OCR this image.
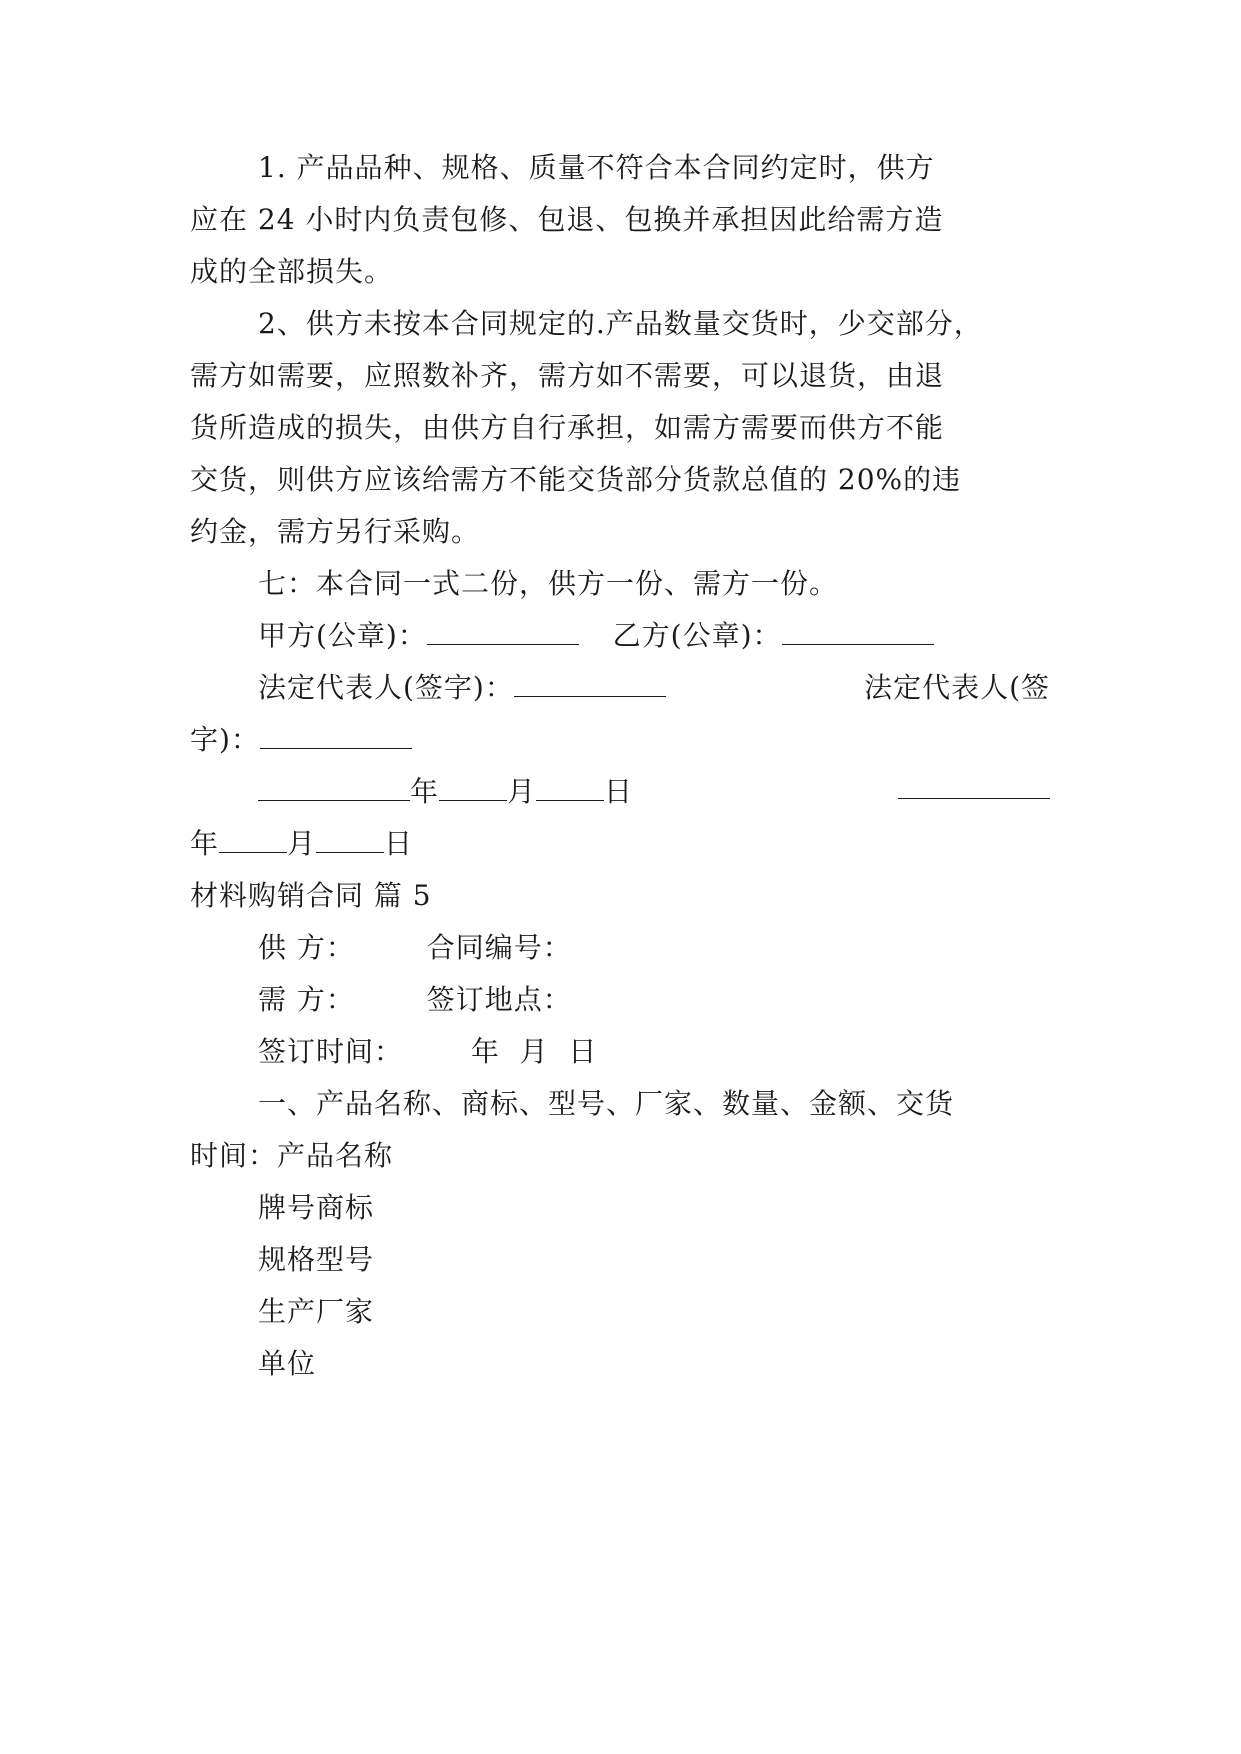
1. 产品品种、规格、质量不符合本合同约定时，供方

应在 24 小时内负责包修、包退、包换并承担因此给需方造

成的全部损失。

2、供方未按本合同规定的.产品数量交货时，少交部分，

需方如需要，应照数补齐，需方如不需要，可以退货，由退

货所造成的损失，由供方自行承担，如需方需要而供方不能

交货，则供方应该给需方不能交货部分货款总值的 20%的违

约金，需方另行采购。

七：本合同一式二份，供方一份、需方一份。

甲方(公章)：	乙方(公章)：
法定代表人(签字)：	法定代表人(签
字)：
年 月 日
年 月 日

材料购销合同 篇 5

供 方：	合同编号：
需 方：	签订地点：
签订时间： 年  月  日

一、产品名称、商标、型号、厂家、数量、金额、交货

时间：产品名称

牌号商标

规格型号

生产厂家

单位
